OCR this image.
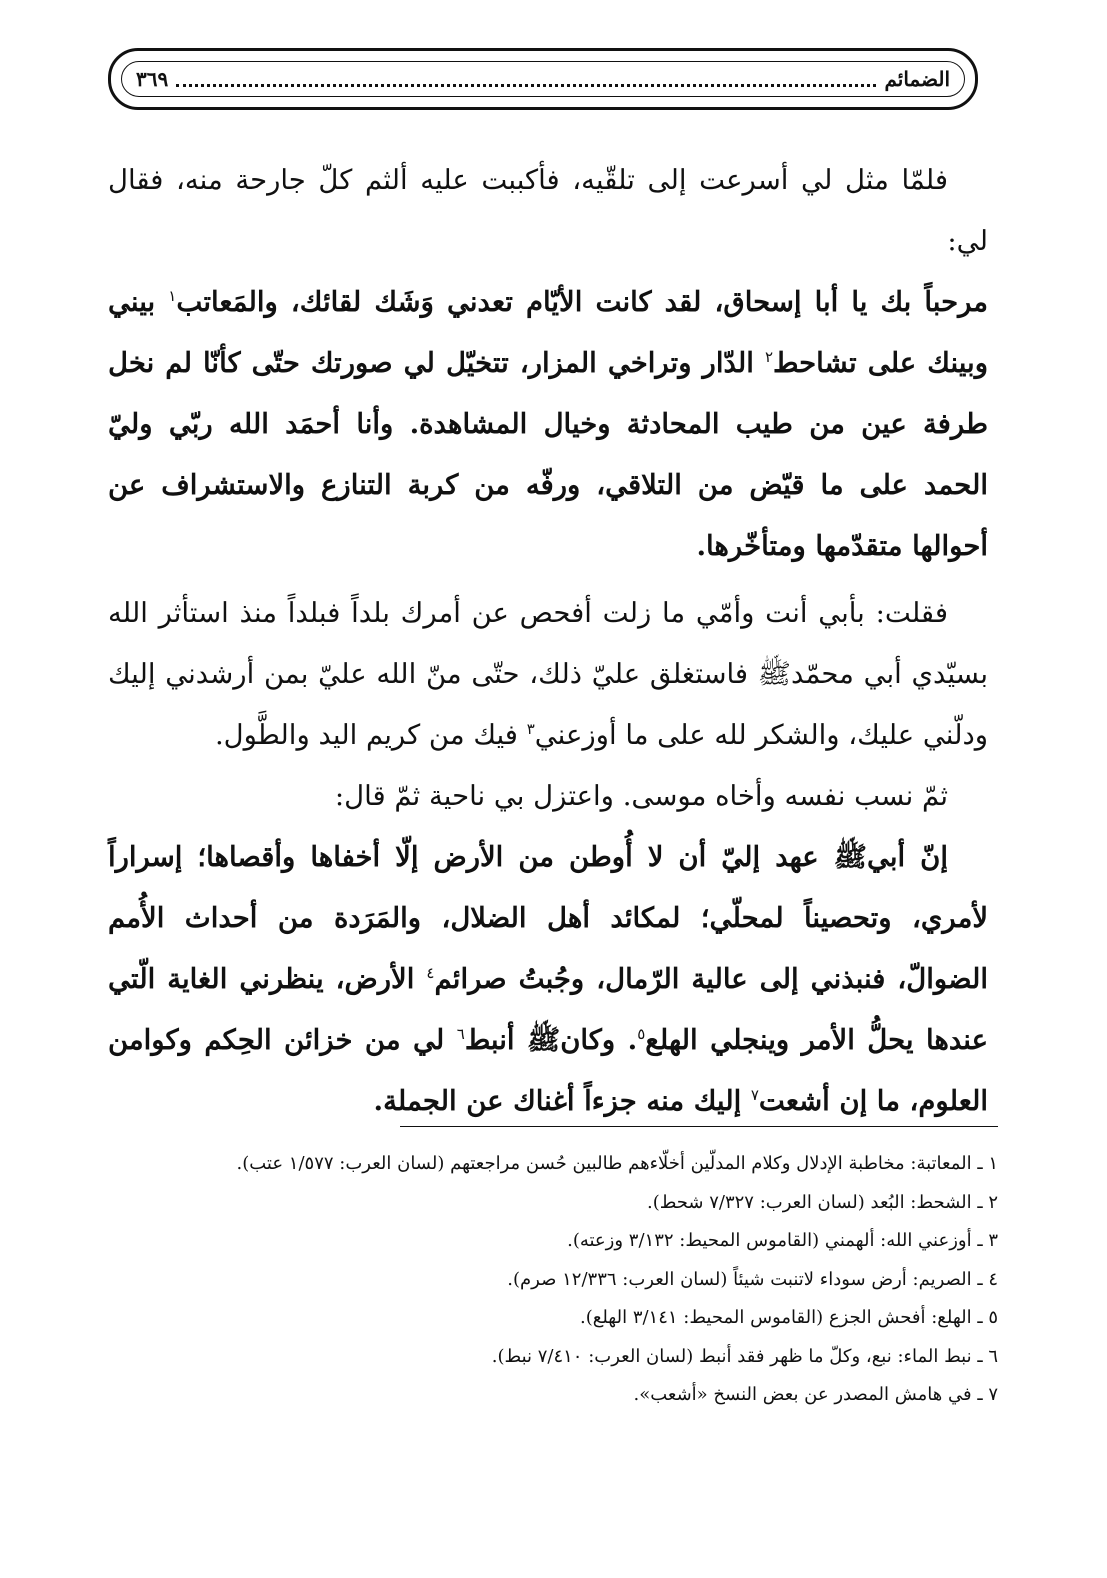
الضمائم
٣٦٩

فلمّا مثل لي أسرعت إلى تلقّيه، فأكببت عليه ألثم كلّ جارحة منه، فقال لي:

مرحباً بك يا أبا إسحاق، لقد كانت الأيّام تعدني وَشَك لقائك، والمَعاتب$^١$ بيني وبينك على تشاحط$^٢$ الدّار وتراخي المزار، تتخيّل لي صورتك حتّى كأنّا لم نخل طرفة عين من طيب المحادثة وخيال المشاهدة. وأنا أحمَد الله ربّي وليّ الحمد على ما قيّض من التلاقي، ورفّه من كربة التنازع والاستشراف عن أحوالها متقدّمها ومتأخّرها.

فقلت: بأبي أنت وأمّي ما زلت أفحص عن أمرك بلداً فبلداً منذ استأثر الله بسيّدي أبي محمّدﷺ فاستغلق عليّ ذلك، حتّى منّ الله عليّ بمن أرشدني إليك ودلّني عليك، والشكر لله على ما أوزعني$^٣$ فيك من كريم اليد والطَّول.

ثمّ نسب نفسه وأخاه موسى. واعتزل بي ناحية ثمّ قال:

إنّ أبيﷺ عهد إليّ أن لا أُوطن من الأرض إلّا أخفاها وأقصاها؛ إسراراً لأمري، وتحصيناً لمحلّي؛ لمكائد أهل الضلال، والمَرَدة من أحداث الأُمم الضوالّ، فنبذني إلى عالية الرّمال، وجُبتُ صرائم$^٤$ الأرض، ينظرني الغاية الّتي عندها يحلُّ الأمر وينجلي الهلع$^٥$. وكانﷺ أنبط$^٦$ لي من خزائن الحِكم وكوامن العلوم، ما إن أشعت$^٧$ إليك منه جزءاً أغناك عن الجملة.

١ ـ المعاتبة: مخاطبة الإدلال وكلام المدلّين أخلّاءهم طالبين حُسن مراجعتهم (لسان العرب: ١/٥٧٧ عتب).
٢ ـ الشحط: البُعد (لسان العرب: ٧/٣٢٧ شحط).
٣ ـ أوزعني الله: ألهمني (القاموس المحيط: ٣/١٣٢ وزعته).
٤ ـ الصريم: أرض سوداء لاتنبت شيئاً (لسان العرب: ١٢/٣٣٦ صرم).
٥ ـ الهلع: أفحش الجزع (القاموس المحيط: ٣/١٤١ الهلع).
٦ ـ نبط الماء: نبع، وكلّ ما ظهر فقد أنبط (لسان العرب: ٧/٤١٠ نبط).
٧ ـ في هامش المصدر عن بعض النسخ «أشعب».
